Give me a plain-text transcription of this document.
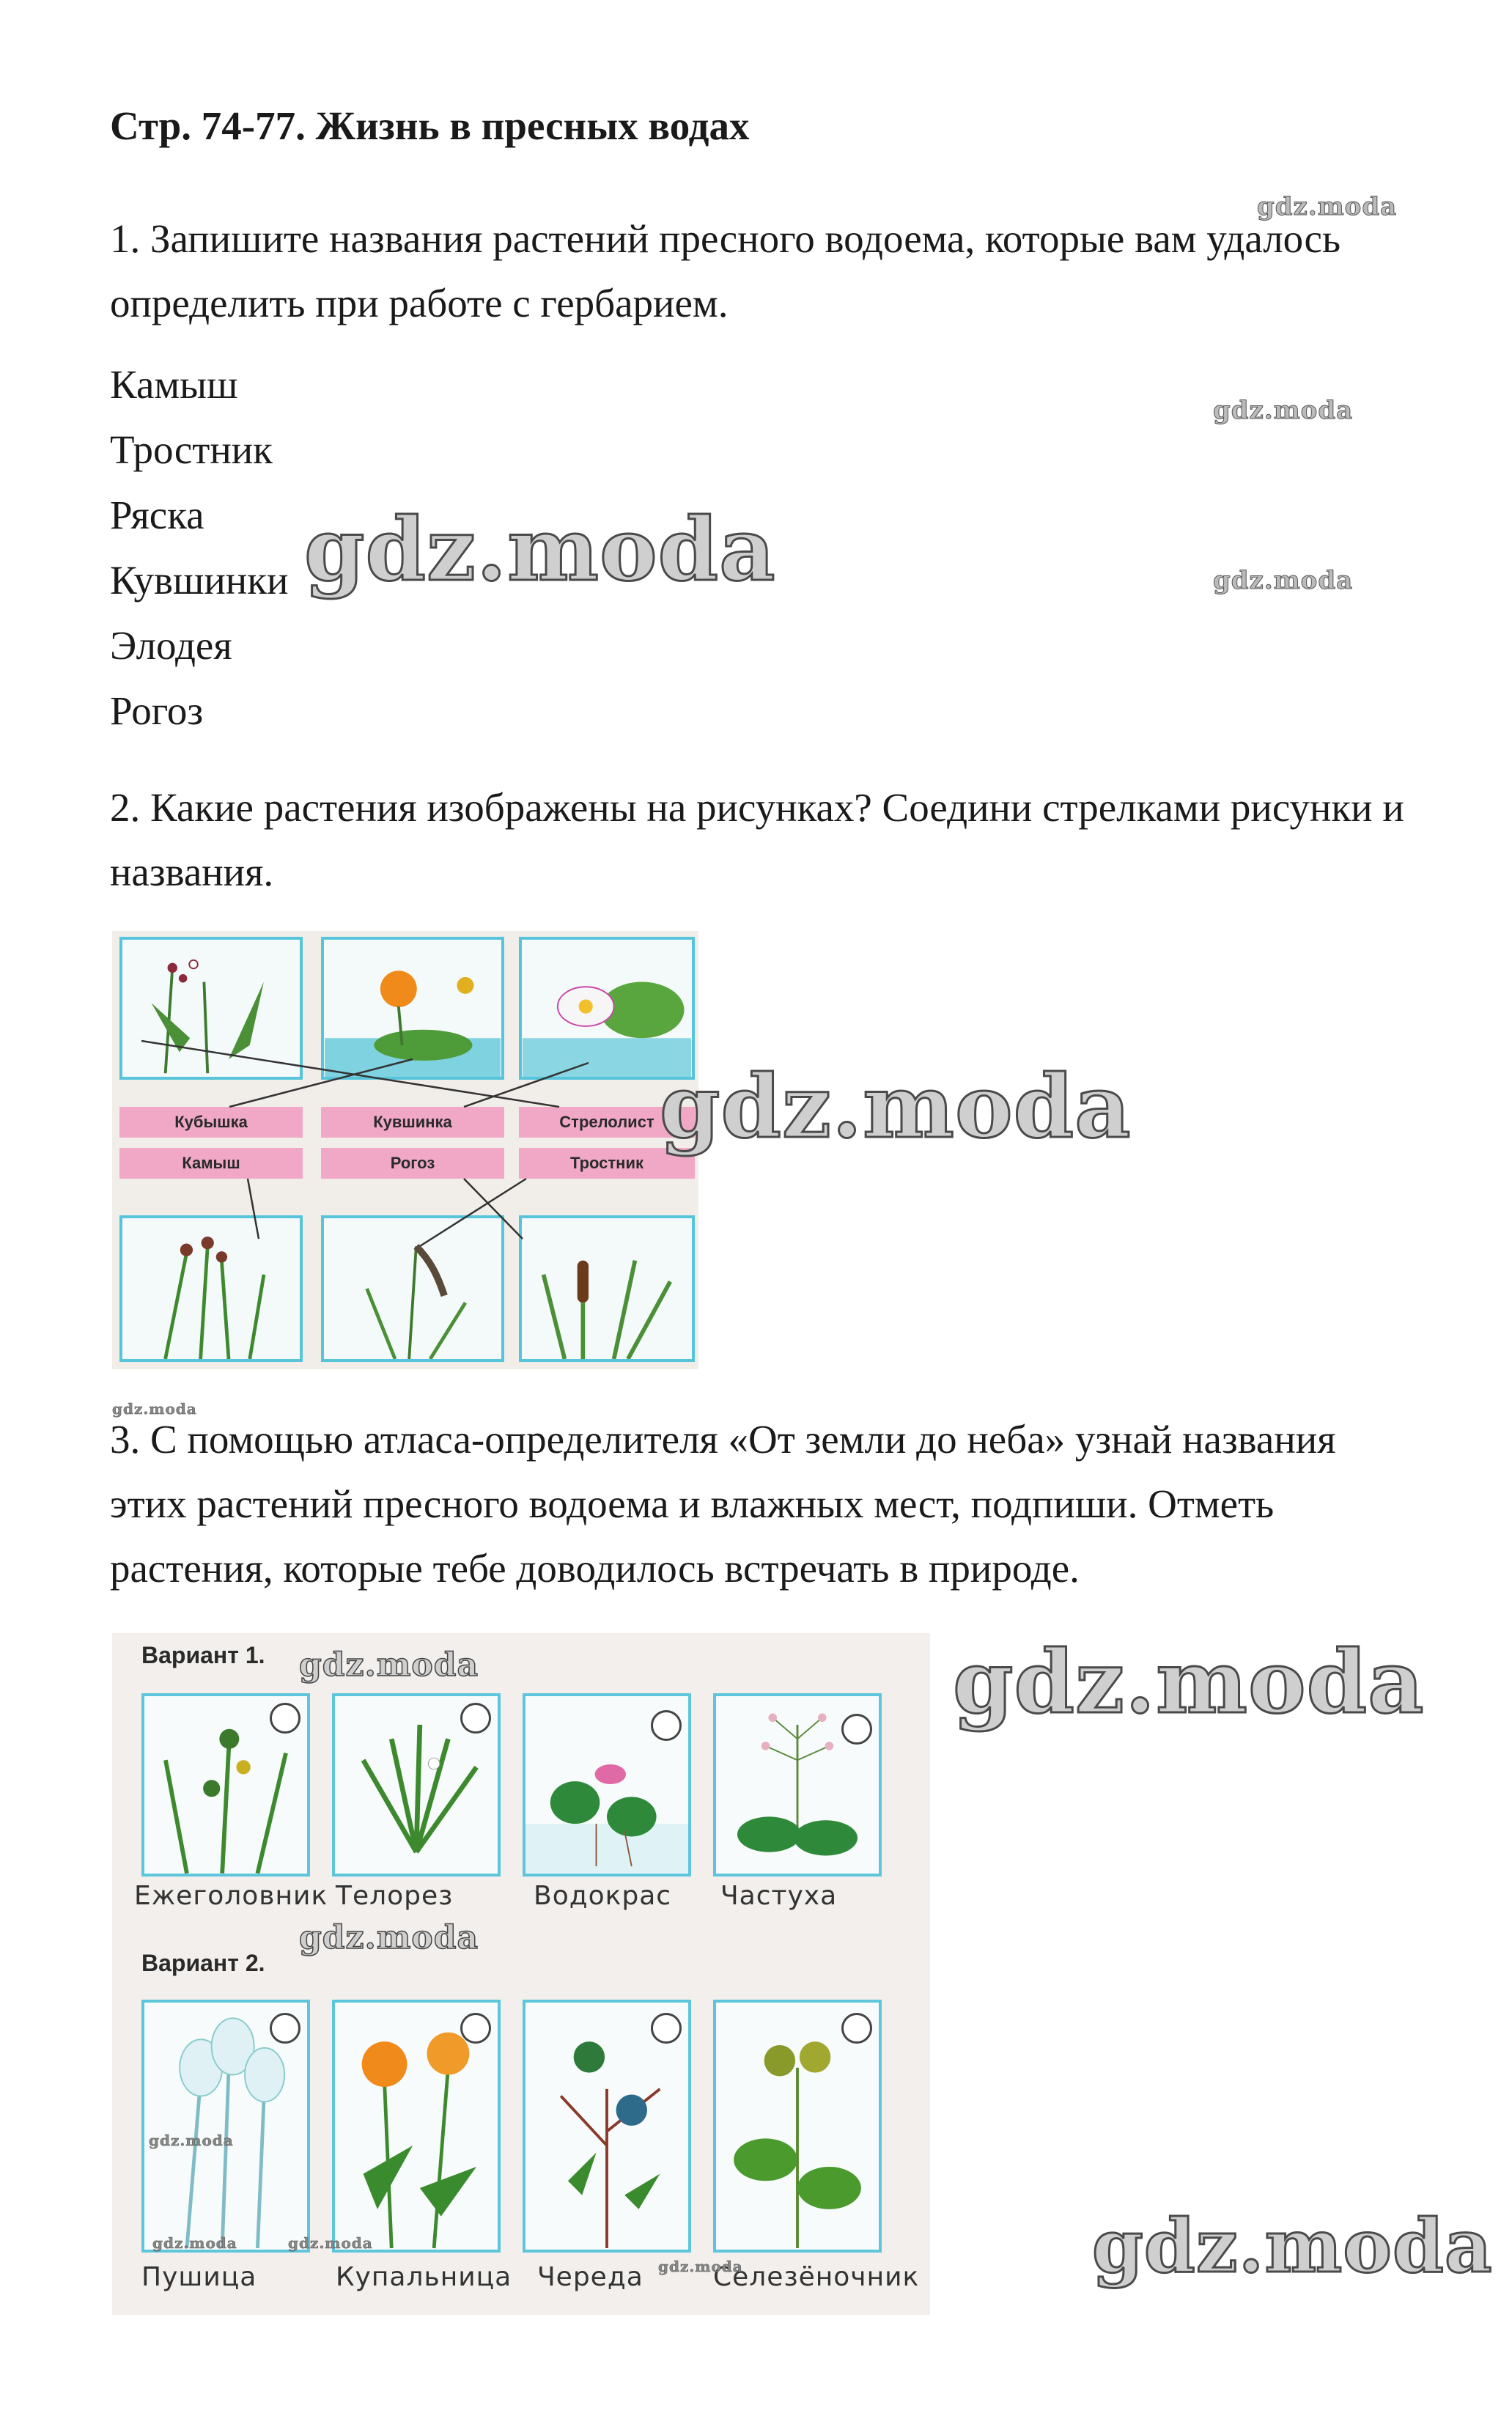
Стр. 74-77. Жизнь в пресных водах
1. Запишите названия растений пресного водоема, которые вам удалось определить при работе с гербарием.
Камыш
Тростник
Ряска
Кувшинки
Элодея
Рогоз
2. Какие растения изображены на рисунках? Соедини стрелками рисунки и названия.
Кубышка	Кувшинка	Стрелолист
Камыш	Рогоз	Тростник
gdz.moda
3. С помощью атласа-определителя «От земли до неба» узнай названия этих растений пресного водоема и влажных мест, подпиши. Отметь растения, которые тебе доводилось встречать в природе.
Вариант 1.
Ежеголовник Телорез	Водокрас Частуха
Вариант 2.
Пушица	Купальница Череда	Селезёночник
gdz.moda
gdz.moda
gdz.moda
gdz.moda	gdz.moda
gdz.moda
gdz.moda
gdz.moda
gdz.moda
gdz.moda
gdz.moda
gdz.moda
gdz.moda
